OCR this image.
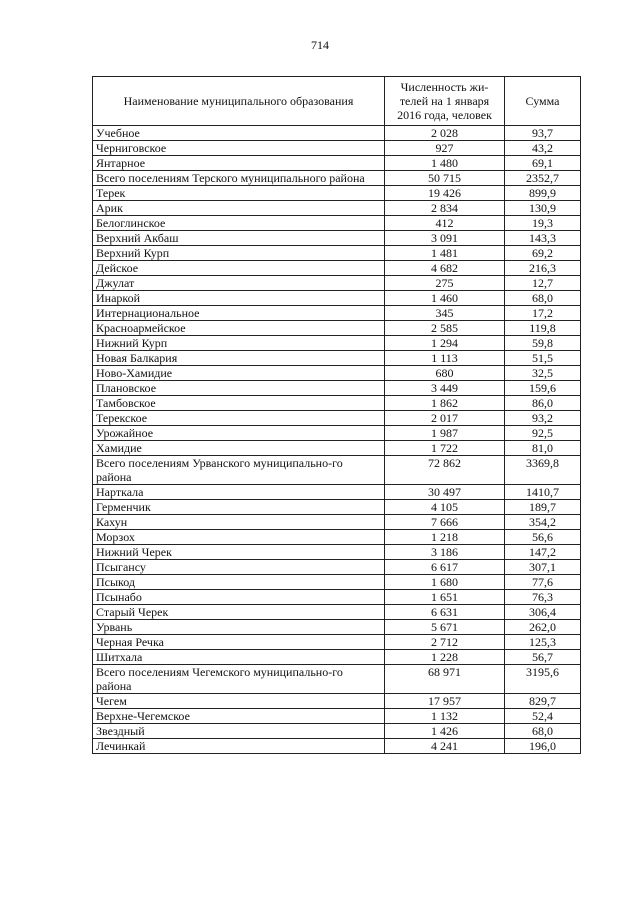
714
Наименование муниципального образования	Численность жи-телей на 1 января 2016 года, человек	Сумма
Учебное	2 028	93,7
Черниговское	927	43,2
Янтарное	1 480	69,1
Всего поселениям Терского муниципального района	50 715	2352,7
Терек	19 426	899,9
Арик	2 834	130,9
Белоглинское	412	19,3
Верхний Акбаш	3 091	143,3
Верхний Курп	1 481	69,2
Дейское	4 682	216,3
Джулат	275	12,7
Инаркой	1 460	68,0
Интернациональное	345	17,2
Красноармейское	2 585	119,8
Нижний Курп	1 294	59,8
Новая Балкария	1 113	51,5
Ново-Хамидие	680	32,5
Плановское	3 449	159,6
Тамбовское	1 862	86,0
Терекское	2 017	93,2
Урожайное	1 987	92,5
Хамидие	1 722	81,0
Всего поселениям Урванского муниципально-го района	72 862	3369,8
Нарткала	30 497	1410,7
Герменчик	4 105	189,7
Кахун	7 666	354,2
Морзох	1 218	56,6
Нижний Черек	3 186	147,2
Псыгансу	6 617	307,1
Псыкод	1 680	77,6
Псынабо	1 651	76,3
Старый Черек	6 631	306,4
Урвань	5 671	262,0
Черная Речка	2 712	125,3
Шитхала	1 228	56,7
Всего поселениям Чегемского муниципально-го района	68 971	3195,6
Чегем	17 957	829,7
Верхне-Чегемское	1 132	52,4
Звездный	1 426	68,0
Лечинкай	4 241	196,0
